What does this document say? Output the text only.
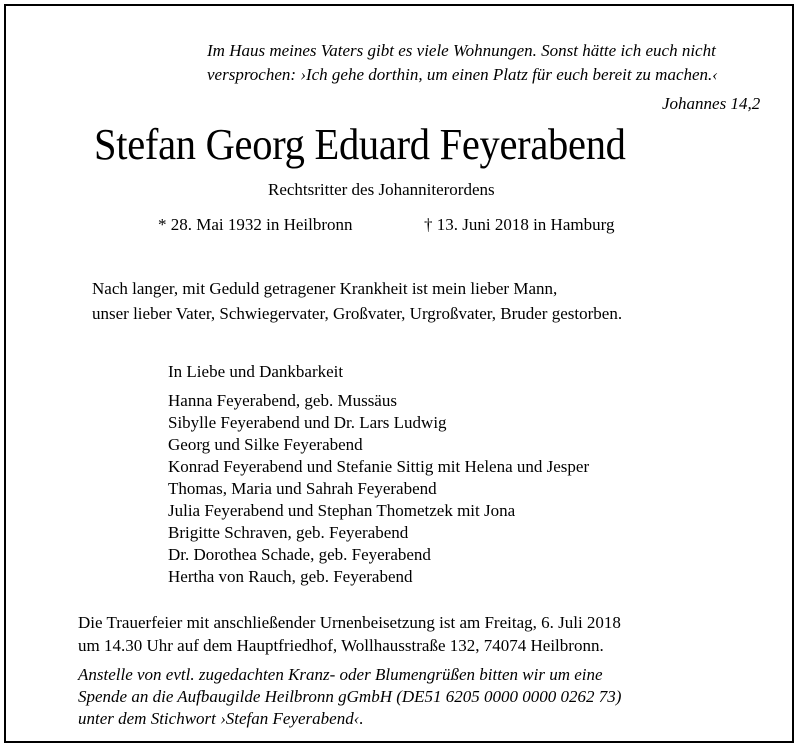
Im Haus meines Vaters gibt es viele Wohnungen. Sonst hätte ich euch nicht
versprochen: ›Ich gehe dorthin, um einen Platz für euch bereit zu machen.‹
Johannes 14,2
Stefan Georg Eduard Feyerabend
Rechtsritter des Johanniterordens
* 28. Mai 1932 in Heilbronn	† 13. Juni 2018 in Hamburg
Nach langer, mit Geduld getragener Krankheit ist mein lieber Mann,
unser lieber Vater, Schwiegervater, Großvater, Urgroßvater, Bruder gestorben.
In Liebe und Dankbarkeit
Hanna Feyerabend, geb. Mussäus
Sibylle Feyerabend und Dr. Lars Ludwig
Georg und Silke Feyerabend
Konrad Feyerabend und Stefanie Sittig mit Helena und Jesper
Thomas, Maria und Sahrah Feyerabend
Julia Feyerabend und Stephan Thometzek mit Jona
Brigitte Schraven, geb. Feyerabend
Dr. Dorothea Schade, geb. Feyerabend
Hertha von Rauch, geb. Feyerabend
Die Trauerfeier mit anschließender Urnenbeisetzung ist am Freitag, 6. Juli 2018
um 14.30 Uhr auf dem Hauptfriedhof, Wollhausstraße 132, 74074 Heilbronn.
Anstelle von evtl. zugedachten Kranz- oder Blumengrüßen bitten wir um eine
Spende an die Aufbaugilde Heilbronn gGmbH (DE51 6205 0000 0000 0262 73)
unter dem Stichwort ›Stefan Feyerabend‹.
